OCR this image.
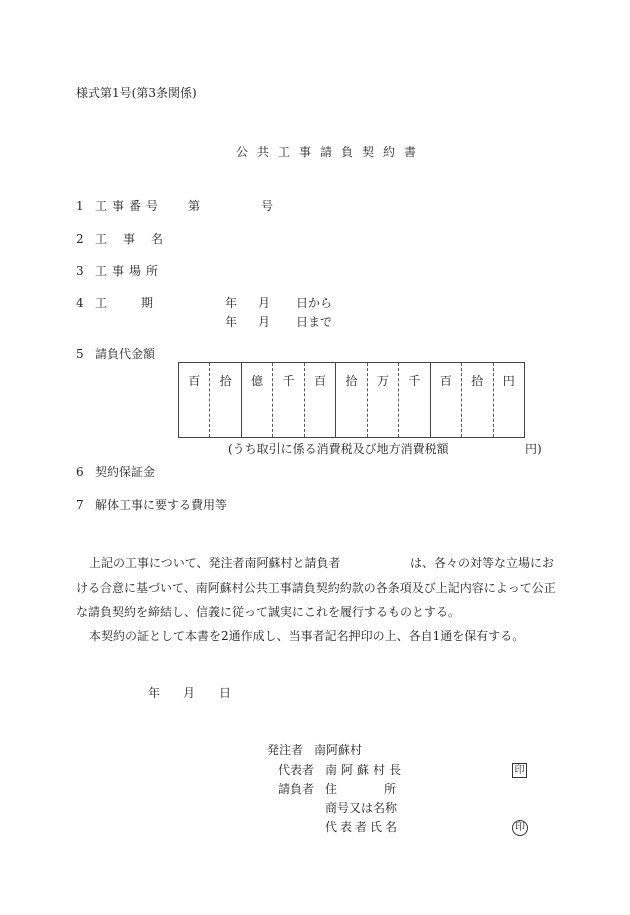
様式第1号(第3条関係)
公共工事請負契約書
1 工事番号 第	号
2 工　事　名
3 工事場所
4 工	期	年 月 日から
年 月 日まで
5 請負代金額
百	拾	億	千	百	拾	万	千	百	拾	円
(うち取引に係る消費税及び地方消費税額	円)
6 契約保証金
7 解体工事に要する費用等
上記の工事について、発注者南阿蘇村と請負者	は、各々の対等な立場にお
ける合意に基づいて、南阿蘇村公共工事請負契約約款の各条項及び上記内容によって公正
な請負契約を締結し、信義に従って誠実にこれを履行するものとする。
本契約の証として本書を2通作成し、当事者記名押印の上、各自1通を保有する。
年 月 日
発注者 南阿蘇村
代表者 南阿蘇村長	印
請負者 住	所
商号又は名称
代表者氏名	印
